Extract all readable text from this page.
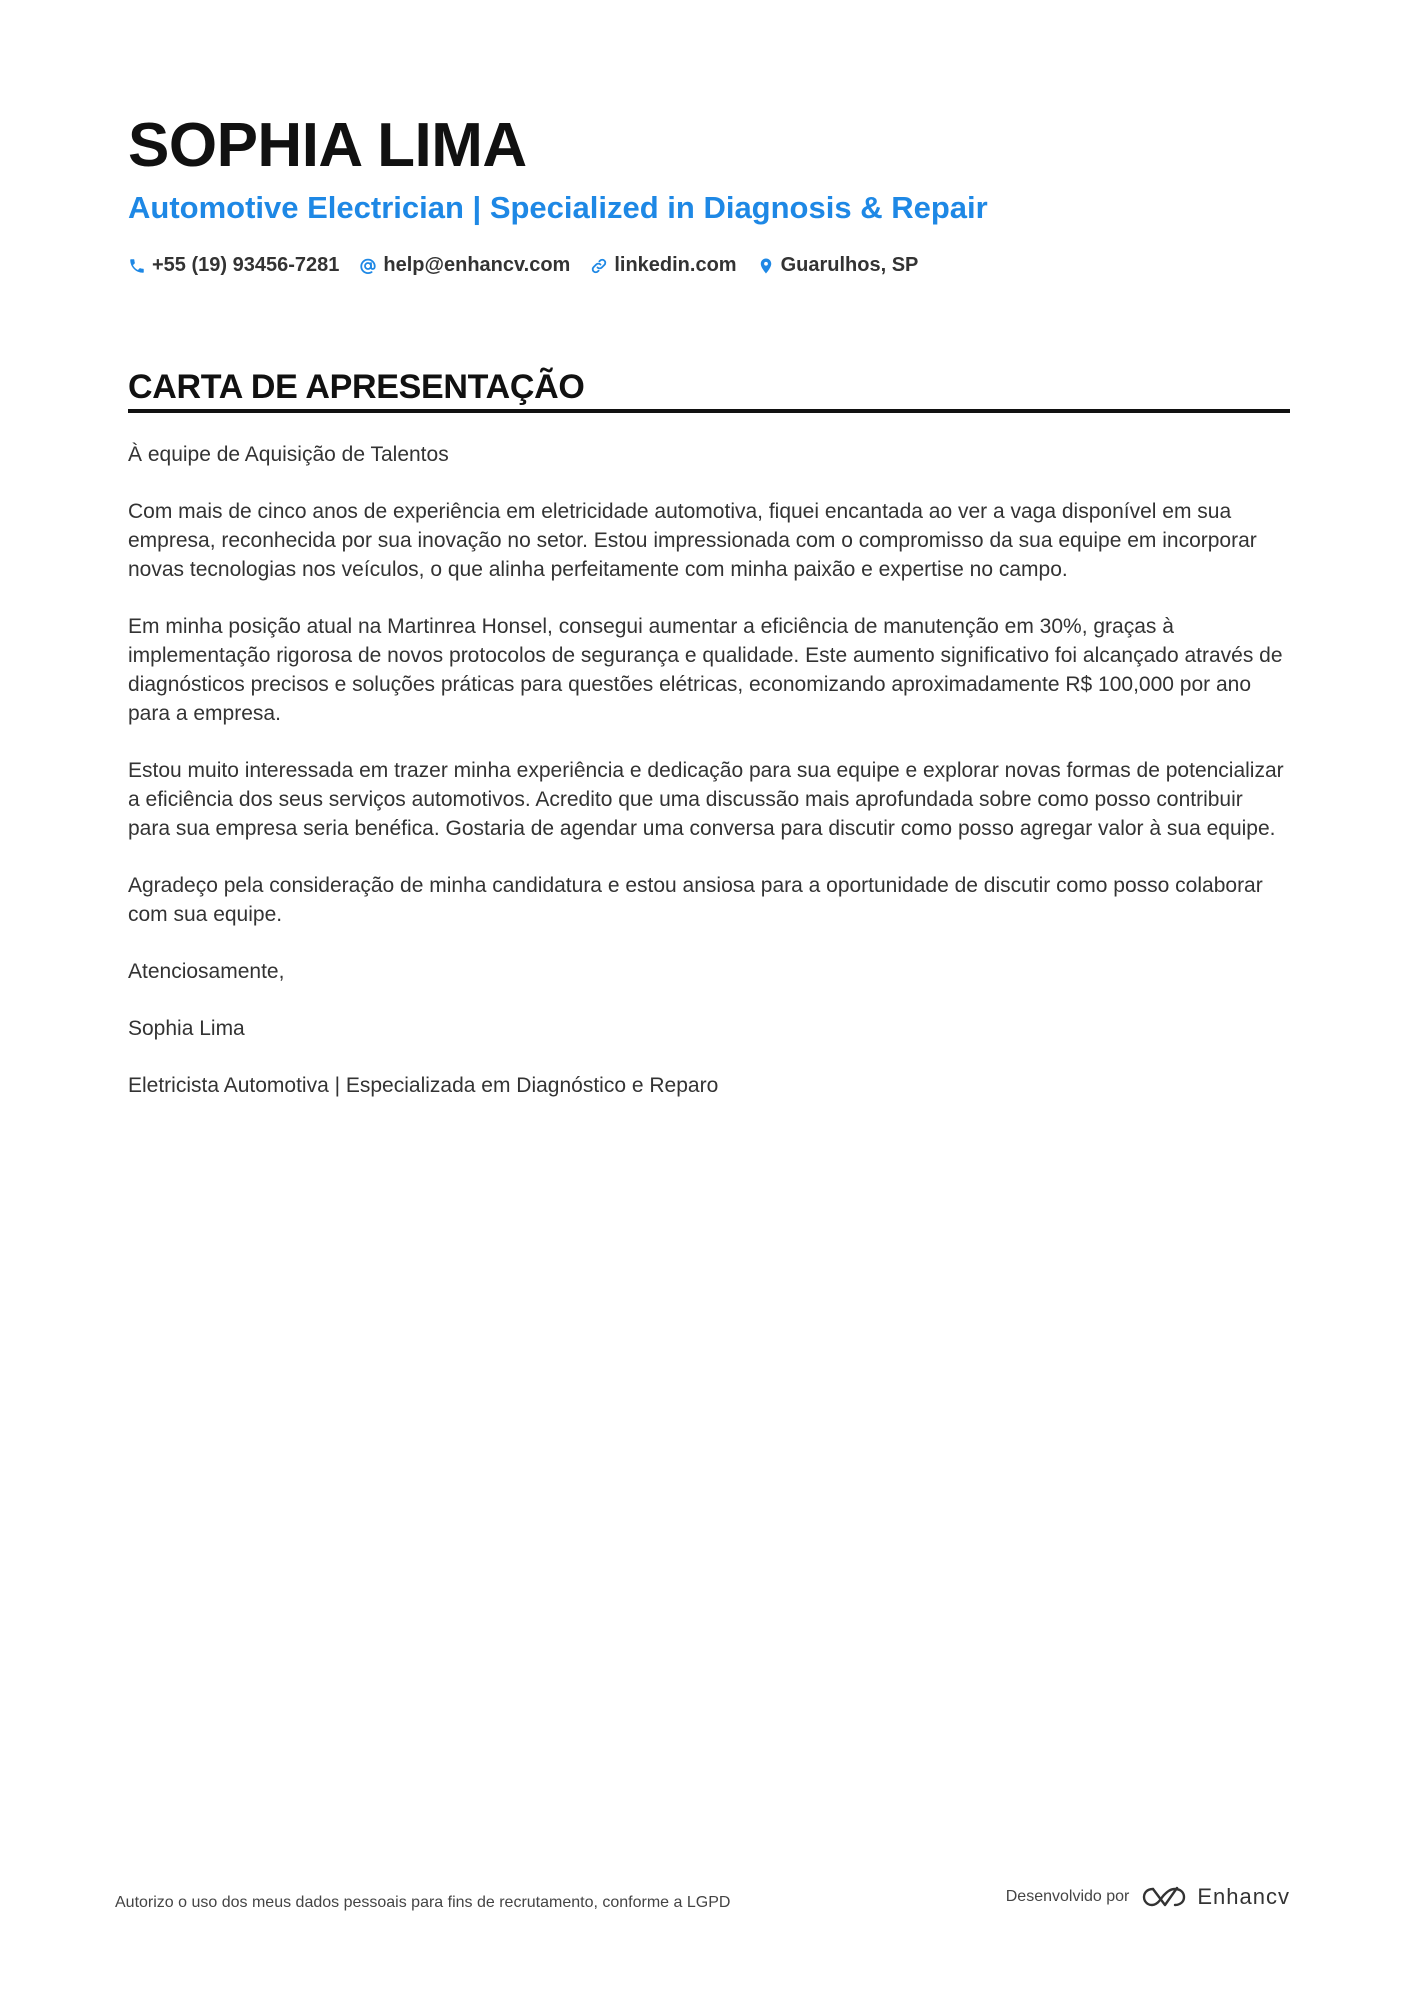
SOPHIA LIMA
Automotive Electrician | Specialized in Diagnosis & Repair
+55 (19) 93456-7281 help@enhancv.com linkedin.com Guarulhos, SP
CARTA DE APRESENTAÇÃO

À equipe de Aquisição de Talentos

Com mais de cinco anos de experiência em eletricidade automotiva, fiquei encantada ao ver a vaga disponível em sua empresa, reconhecida por sua inovação no setor. Estou impressionada com o compromisso da sua equipe em incorporar novas tecnologias nos veículos, o que alinha perfeitamente com minha paixão e expertise no campo.

Em minha posição atual na Martinrea Honsel, consegui aumentar a eficiência de manutenção em 30%, graças à implementação rigorosa de novos protocolos de segurança e qualidade. Este aumento significativo foi alcançado através de diagnósticos precisos e soluções práticas para questões elétricas, economizando aproximadamente R$ 100,000 por ano para a empresa.

Estou muito interessada em trazer minha experiência e dedicação para sua equipe e explorar novas formas de potencializar a eficiência dos seus serviços automotivos. Acredito que uma discussão mais aprofundada sobre como posso contribuir para sua empresa seria benéfica. Gostaria de agendar uma conversa para discutir como posso agregar valor à sua equipe.

Agradeço pela consideração de minha candidatura e estou ansiosa para a oportunidade de discutir como posso colaborar com sua equipe.

Atenciosamente,

Sophia Lima

Eletricista Automotiva | Especializada em Diagnóstico e Reparo

Autorizo o uso dos meus dados pessoais para fins de recrutamento, conforme a LGPD	Desenvolvido por	Enhancv
